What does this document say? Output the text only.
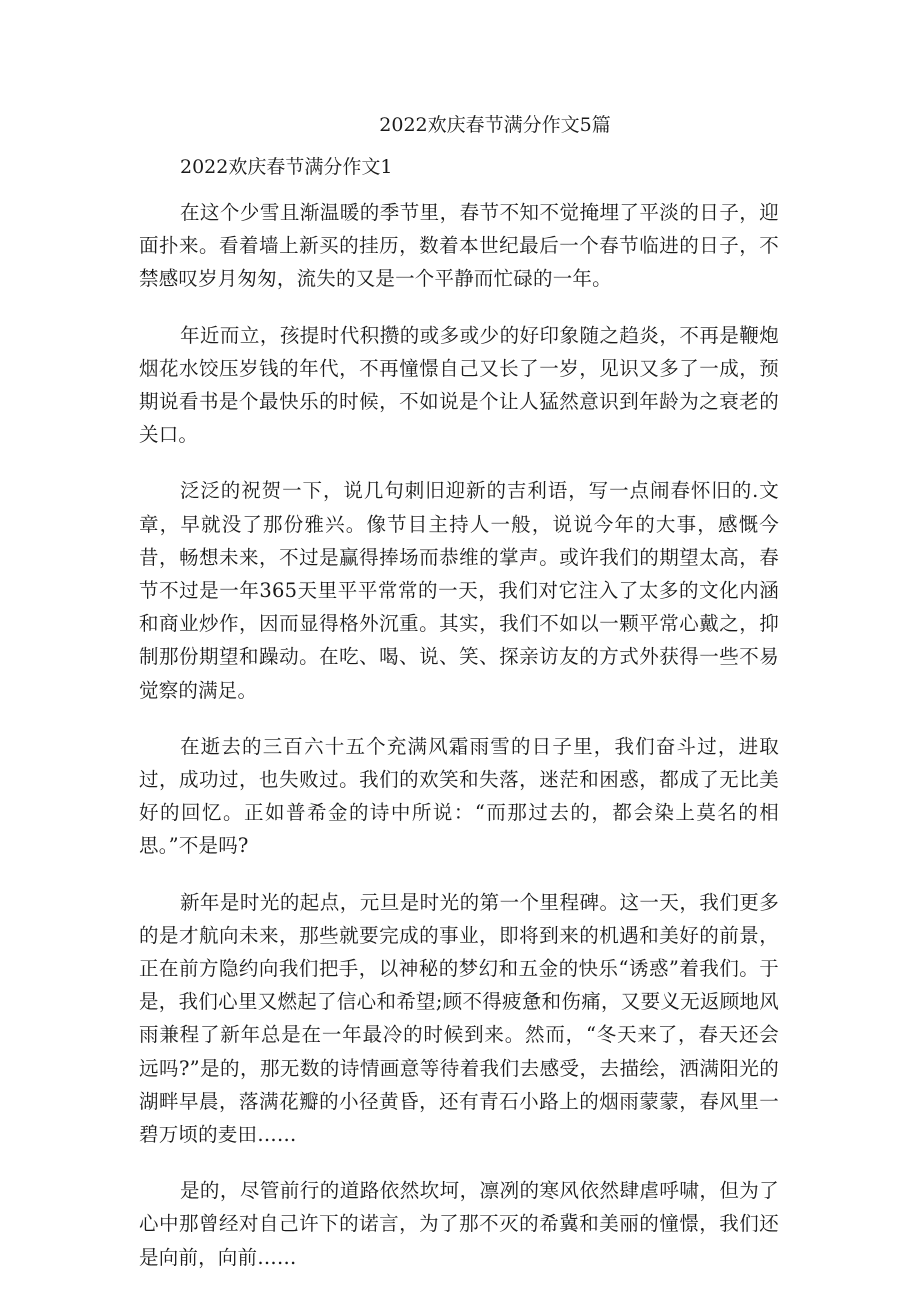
2022欢庆春节满分作文5篇
2022欢庆春节满分作文1

在这个少雪且渐温暖的季节里，春节不知不觉掩埋了平淡的日子，迎面扑来。看着墙上新买的挂历，数着本世纪最后一个春节临进的日子，不禁感叹岁月匆匆，流失的又是一个平静而忙碌的一年。

年近而立，孩提时代积攒的或多或少的好印象随之趋炎，不再是鞭炮烟花水饺压岁钱的年代，不再憧憬自己又长了一岁，见识又多了一成，预期说看书是个最快乐的时候，不如说是个让人猛然意识到年龄为之衰老的关口。

泛泛的祝贺一下，说几句刺旧迎新的吉利语，写一点闹春怀旧的.文章，早就没了那份雅兴。像节目主持人一般，说说今年的大事，感慨今昔，畅想未来，不过是赢得捧场而恭维的掌声。或许我们的期望太高，春节不过是一年365天里平平常常的一天，我们对它注入了太多的文化内涵和商业炒作，因而显得格外沉重。其实，我们不如以一颗平常心戴之，抑制那份期望和躁动。在吃、喝、说、笑、探亲访友的方式外获得一些不易觉察的满足。

在逝去的三百六十五个充满风霜雨雪的日子里，我们奋斗过，进取过，成功过，也失败过。我们的欢笑和失落，迷茫和困惑，都成了无比美好的回忆。正如普希金的诗中所说：“而那过去的，都会染上莫名的相思。”不是吗?

新年是时光的起点，元旦是时光的第一个里程碑。这一天，我们更多的是才航向未来，那些就要完成的事业，即将到来的机遇和美好的前景，正在前方隐约向我们把手，以神秘的梦幻和五金的快乐“诱惑”着我们。于是，我们心里又燃起了信心和希望;顾不得疲惫和伤痛，又要义无返顾地风雨兼程了新年总是在一年最冷的时候到来。然而，“冬天来了，春天还会远吗?”是的，那无数的诗情画意等待着我们去感受，去描绘，洒满阳光的湖畔早晨，落满花瓣的小径黄昏，还有青石小路上的烟雨蒙蒙，春风里一碧万顷的麦田……

是的，尽管前行的道路依然坎坷，凛冽的寒风依然肆虐呼啸，但为了心中那曾经对自己许下的诺言，为了那不灭的希冀和美丽的憧憬，我们还是向前，向前……
